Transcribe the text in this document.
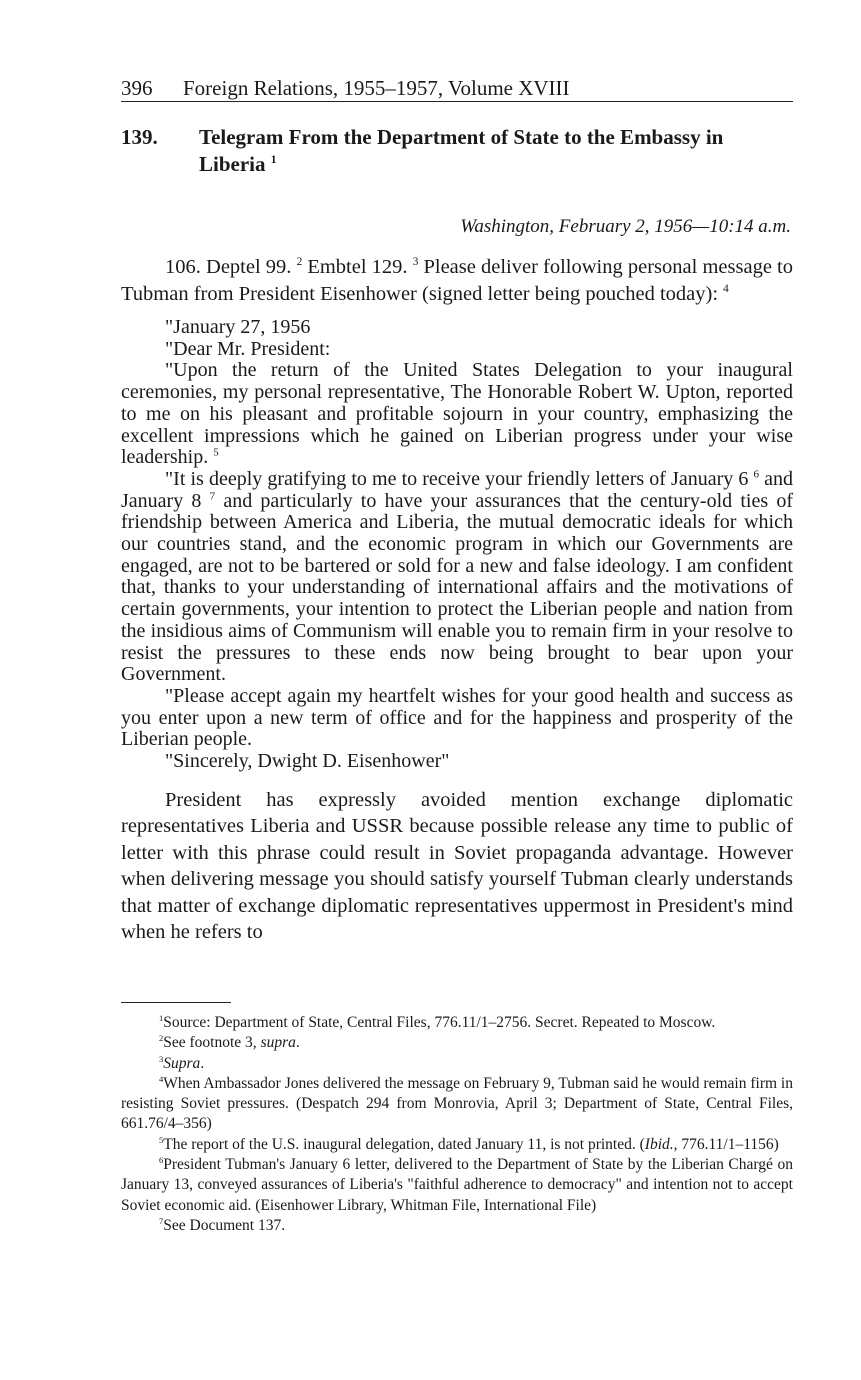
396 Foreign Relations, 1955–1957, Volume XVIII
139. Telegram From the Department of State to the Embassy in Liberia $^1$
Washington, February 2, 1956—10:14 a.m.

106. Deptel 99. $^2$ Embtel 129. $^3$ Please deliver following personal message to Tubman from President Eisenhower (signed letter being pouched today): $^4$

"January 27, 1956

"Dear Mr. President:

"Upon the return of the United States Delegation to your inaugural ceremonies, my personal representative, The Honorable Robert W. Upton, reported to me on his pleasant and profitable sojourn in your country, emphasizing the excellent impressions which he gained on Liberian progress under your wise leadership. $^5$

"It is deeply gratifying to me to receive your friendly letters of January 6 $^6$ and January 8 $^7$ and particularly to have your assurances that the century-old ties of friendship between America and Liberia, the mutual democratic ideals for which our countries stand, and the economic program in which our Governments are engaged, are not to be bartered or sold for a new and false ideology. I am confident that, thanks to your understanding of international affairs and the motivations of certain governments, your intention to protect the Liberian people and nation from the insidious aims of Communism will enable you to remain firm in your resolve to resist the pressures to these ends now being brought to bear upon your Government.

"Please accept again my heartfelt wishes for your good health and success as you enter upon a new term of office and for the happiness and prosperity of the Liberian people.

"Sincerely, Dwight D. Eisenhower"

President has expressly avoided mention exchange diplomatic representatives Liberia and USSR because possible release any time to public of letter with this phrase could result in Soviet propaganda advantage. However when delivering message you should satisfy yourself Tubman clearly understands that matter of exchange diplomatic representatives uppermost in President's mind when he refers to

$^1$Source: Department of State, Central Files, 776.11/1–2756. Secret. Repeated to Moscow.

$^2$See footnote 3, supra.

$^3$Supra.

$^4$When Ambassador Jones delivered the message on February 9, Tubman said he would remain firm in resisting Soviet pressures. (Despatch 294 from Monrovia, April 3; Department of State, Central Files, 661.76/4–356)

$^5$The report of the U.S. inaugural delegation, dated January 11, is not printed. (Ibid., 776.11/1–1156)

$^6$President Tubman's January 6 letter, delivered to the Department of State by the Liberian Chargé on January 13, conveyed assurances of Liberia's "faithful adherence to democracy" and intention not to accept Soviet economic aid. (Eisenhower Library, Whitman File, International File)

$^7$See Document 137.
